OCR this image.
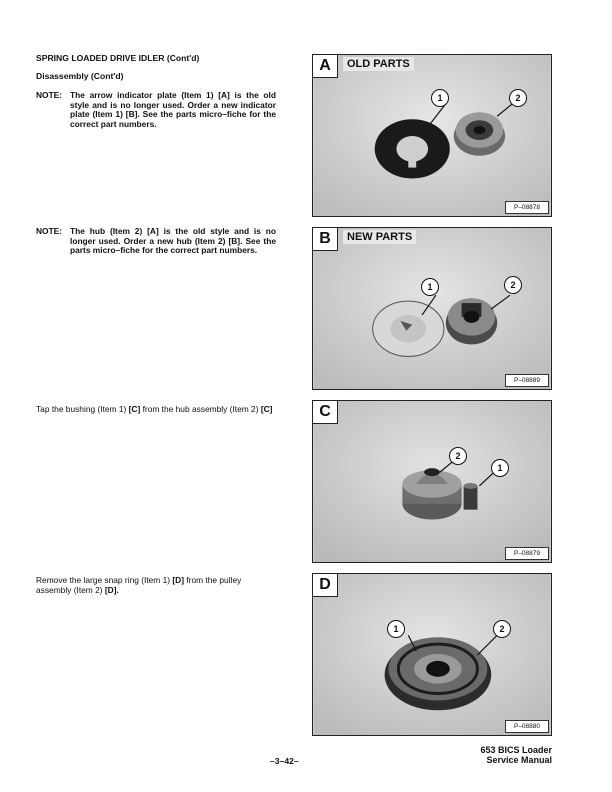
SPRING LOADED DRIVE IDLER (Cont'd)
Disassembly (Cont'd)
NOTE: The arrow indicator plate (Item 1) [A] is the old style and is no longer used. Order a new indicator plate (Item 1) [B]. See the parts micro–fiche for the correct part numbers.
NOTE: The hub (Item 2) [A] is the old style and is no longer used. Order a new hub (Item 2) [B]. See the parts micro–fiche for the correct part numbers.
Tap the bushing (Item 1) [C] from the hub assembly (Item 2) [C]
Remove the large snap ring (Item 1) [D] from the pulley assembly (Item 2) [D].
A	OLD PARTS
1	2
P–08878
B	NEW PARTS
1	2
P–08889
C
2
1
P–08879
D
1	2
P–08880
–3–42–
653 BICS Loader
Service Manual
